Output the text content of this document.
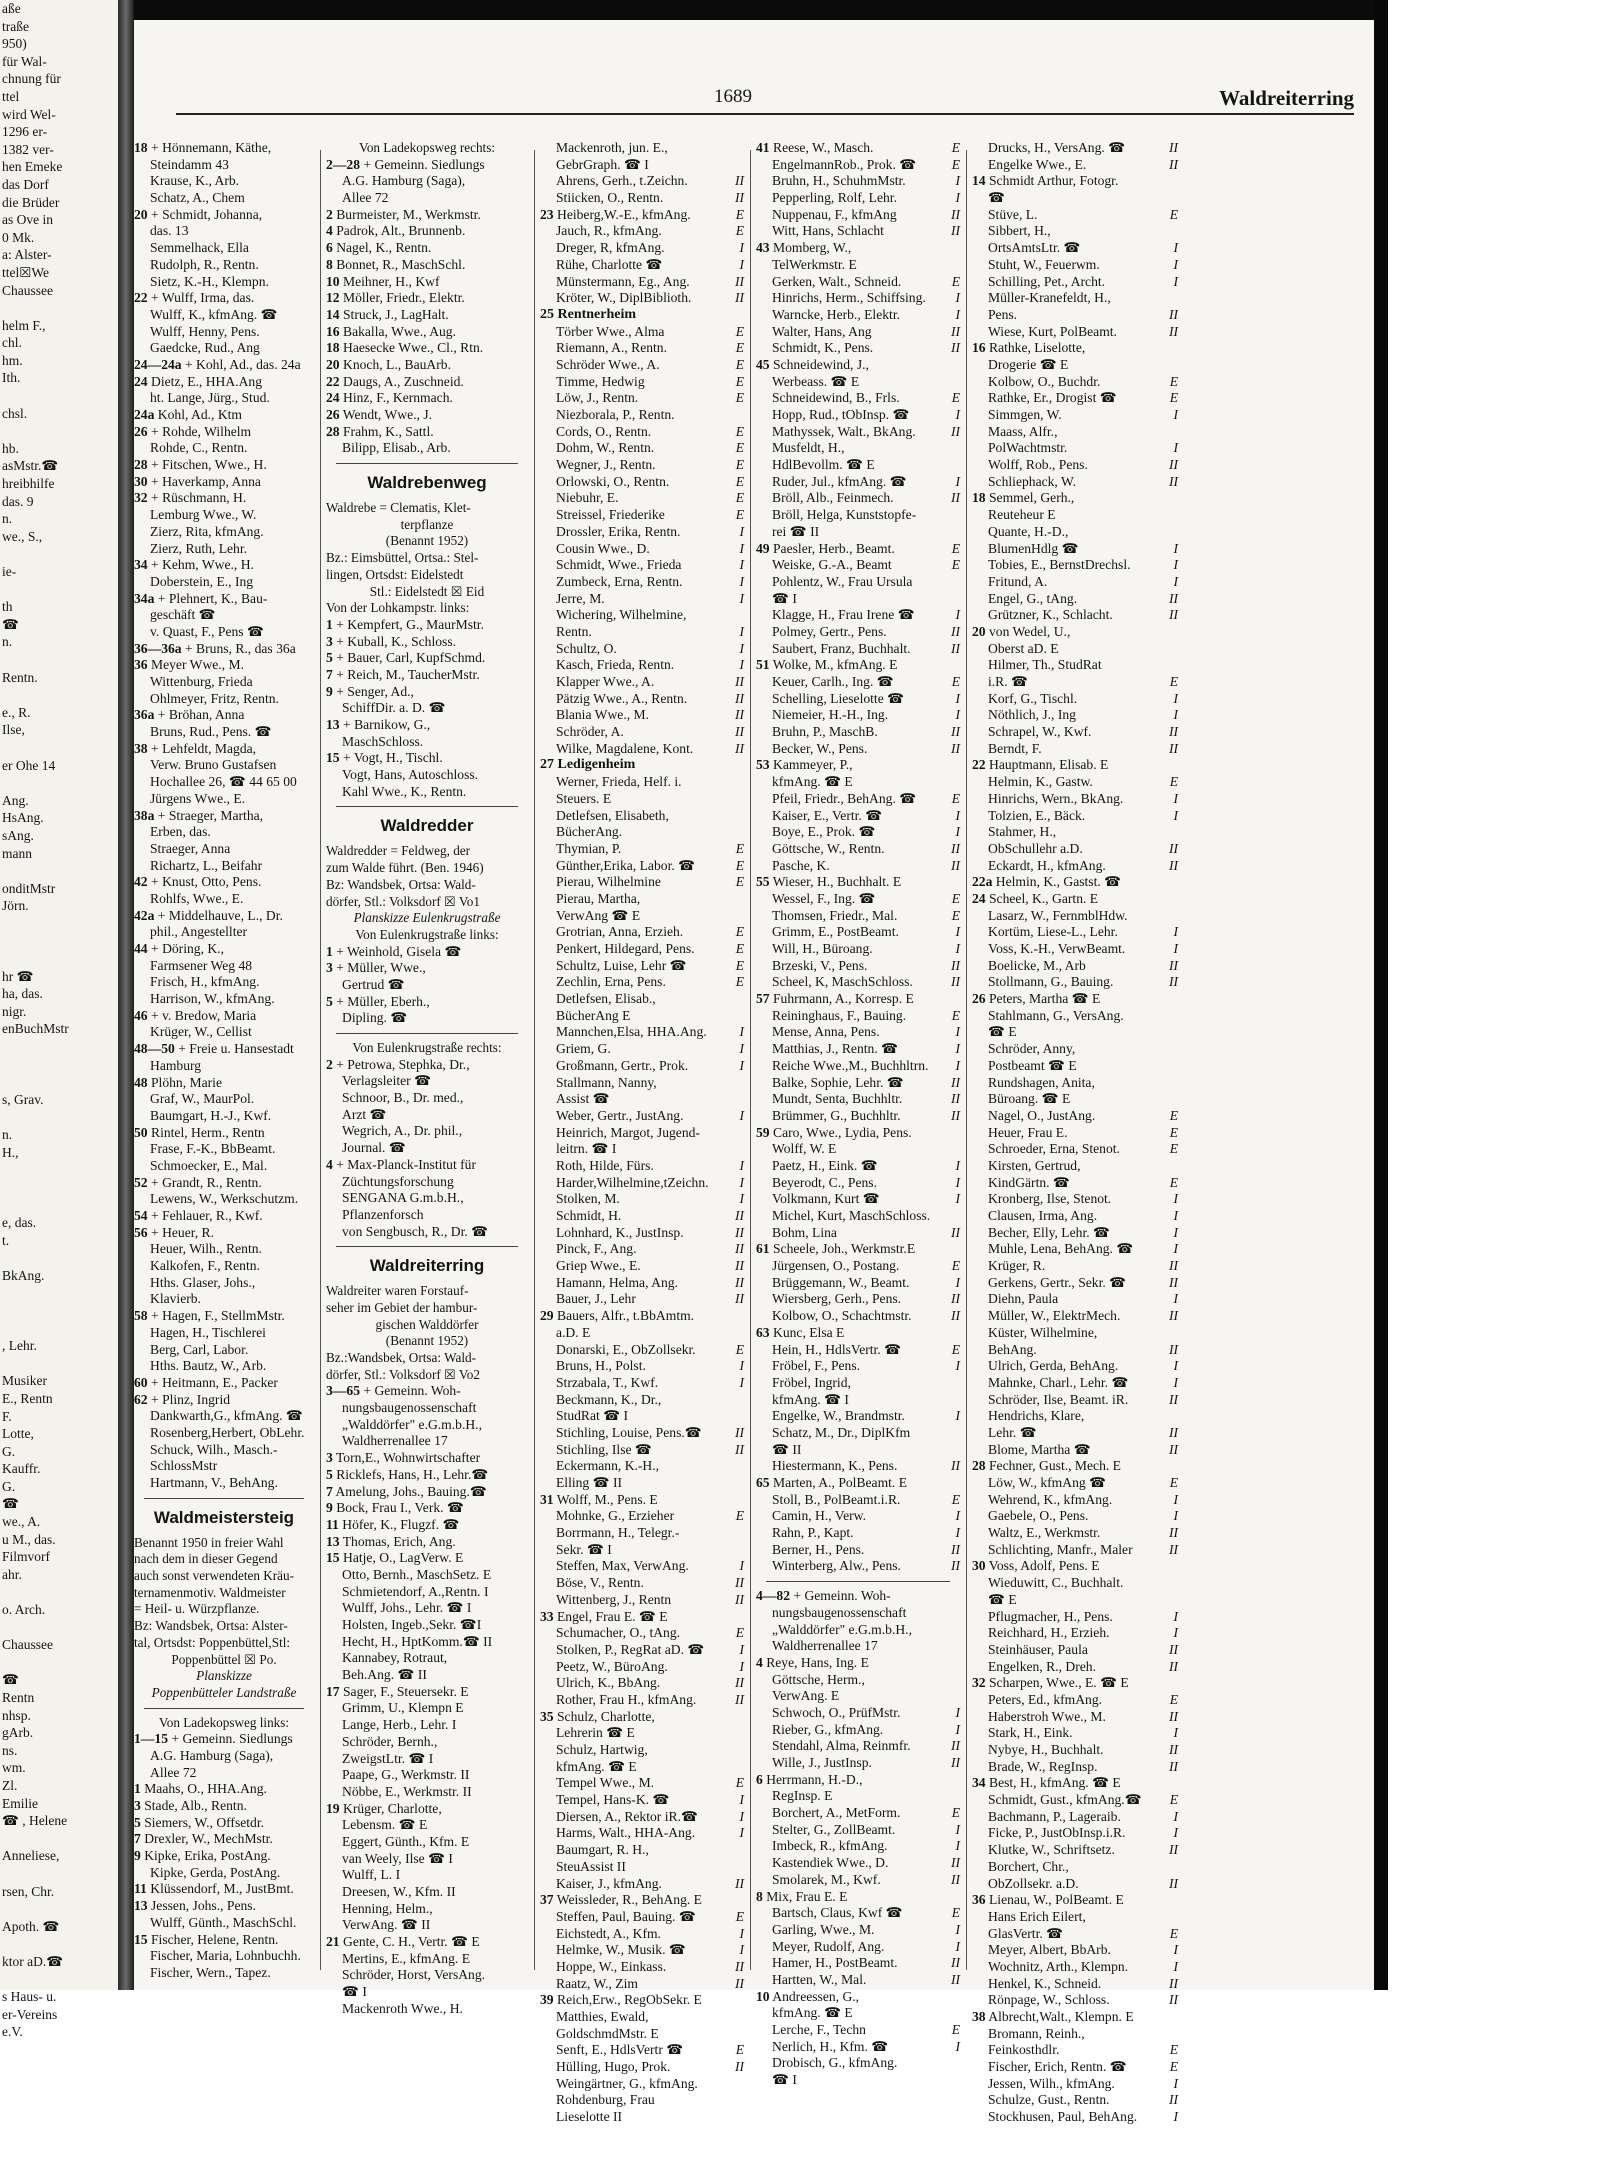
aße
traße
950)
für Wal-
chnung für
ttel
wird Wel-
1296 er-
1382 ver-
hen Emeke
das Dorf
die Brüder
as Ove in
0 Mk.
a: Alster-
ttel☒We
Chaussee
helm F.,
chl.
hm.
Ith.
chsl.
hb.
asMstr.☎
hreibhilfe
das. 9
n.
we., S.,
ie-
th
☎
n.
Rentn.
e., R.
Ilse,
er Ohe 14
Ang.
HsAng.
sAng.
mann
onditMstr
Jörn.
hr ☎
ha, das.
nigr.
enBuchMstr
s, Grav.
n.
H.,
e, das.
t.
BkAng.
, Lehr.
Musiker
E., Rentn
F.
Lotte,
G.
Kauffr.
G.
☎
we., A.
u M., das.
Filmvorf
ahr.
o. Arch.
Chaussee
☎
Rentn
nhsp.
gArb.
ns.
wm.
Zl.
Emilie
☎ , Helene
Anneliese,
rsen, Chr.
Apoth. ☎
ktor aD.☎
s Haus- u.
er-Vereins
e.V.
1689	Waldreiterring
18 + Hönnemann, Käthe,
Steindamm 43
Krause, K., Arb.
Schatz, A., Chem
20 + Schmidt, Johanna,
das. 13
Semmelhack, Ella
Rudolph, R., Rentn.
Sietz, K.-H., Klempn.
22 + Wulff, Irma, das.
Wulff, K., kfmAng. ☎
Wulff, Henny, Pens.
Gaedcke, Rud., Ang
24—24a + Kohl, Ad., das. 24a
24 Dietz, E., HHA.Ang
ht. Lange, Jürg., Stud.
24a Kohl, Ad., Ktm
26 + Rohde, Wilhelm
Rohde, C., Rentn.
28 + Fitschen, Wwe., H.
30 + Haverkamp, Anna
32 + Rüschmann, H.
Lemburg Wwe., W.
Zierz, Rita, kfmAng.
Zierz, Ruth, Lehr.
34 + Kehm, Wwe., H.
Doberstein, E., Ing
34a + Plehnert, K., Bau-
geschäft ☎
v. Quast, F., Pens ☎
36—36a + Bruns, R., das 36a
36 Meyer Wwe., M.
Wittenburg, Frieda
Ohlmeyer, Fritz, Rentn.
36a + Bröhan, Anna
Bruns, Rud., Pens. ☎
38 + Lehfeldt, Magda,
Verw. Bruno Gustafsen
Hochallee 26, ☎ 44 65 00
Jürgens Wwe., E.
38a + Straeger, Martha,
Erben, das.
Straeger, Anna
Richartz, L., Beifahr
42 + Knust, Otto, Pens.
Rohlfs, Wwe., E.
42a + Middelhauve, L., Dr.
phil., Angestellter
44 + Döring, K.,
Farmsener Weg 48
Frisch, H., kfmAng.
Harrison, W., kfmAng.
46 + v. Bredow, Maria
Krüger, W., Cellist
48—50 + Freie u. Hansestadt
Hamburg
48 Plöhn, Marie
Graf, W., MaurPol.
Baumgart, H.-J., Kwf.
50 Rintel, Herm., Rentn
Frase, F.-K., BbBeamt.
Schmoecker, E., Mal.
52 + Grandt, R., Rentn.
Lewens, W., Werkschutzm.
54 + Fehlauer, R., Kwf.
56 + Heuer, R.
Heuer, Wilh., Rentn.
Kalkofen, F., Rentn.
Hths. Glaser, Johs.,
Klavierb.
58 + Hagen, F., StellmMstr.
Hagen, H., Tischlerei
Berg, Carl, Labor.
Hths. Bautz, W., Arb.
60 + Heitmann, E., Packer
62 + Plinz, Ingrid
Dankwarth,G., kfmAng. ☎
Rosenberg,Herbert, ObLehr.
Schuck, Wilh., Masch.-
SchlossMstr
Hartmann, V., BehAng.
Waldmeistersteig
Benannt 1950 in freier Wahl
nach dem in dieser Gegend
auch sonst verwendeten Kräu-
ternamenmotiv. Waldmeister
= Heil- u. Würzpflanze.
Bz: Wandsbek, Ortsa: Alster-
tal, Ortsdst: Poppenbüttel,Stl:
Poppenbüttel ☒ Po.
Planskizze
Poppenbütteler Landstraße
Von Ladekopsweg links:
1—15 + Gemeinn. Siedlungs
A.G. Hamburg (Saga),
Allee 72
1 Maahs, O., HHA.Ang.
3 Stade, Alb., Rentn.
5 Siemers, W., Offsetdr.
7 Drexler, W., MechMstr.
9 Kipke, Erika, PostAng.
Kipke, Gerda, PostAng.
11 Klüssendorf, M., JustBmt.
13 Jessen, Johs., Pens.
Wulff, Günth., MaschSchl.
15 Fischer, Helene, Rentn.
Fischer, Maria, Lohnbuchh.
Fischer, Wern., Tapez.
Von Ladekopsweg rechts:
2—28 + Gemeinn. Siedlungs
A.G. Hamburg (Saga),
Allee 72
2 Burmeister, M., Werkmstr.
4 Padrok, Alt., Brunnenb.
6 Nagel, K., Rentn.
8 Bonnet, R., MaschSchl.
10 Meihner, H., Kwf
12 Möller, Friedr., Elektr.
14 Struck, J., LagHalt.
16 Bakalla, Wwe., Aug.
18 Haesecke Wwe., Cl., Rtn.
20 Knoch, L., BauArb.
22 Daugs, A., Zuschneid.
24 Hinz, F., Kernmach.
26 Wendt, Wwe., J.
28 Frahm, K., Sattl.
Bilipp, Elisab., Arb.
Waldrebenweg
Waldrebe = Clematis, Klet-
terpflanze
(Benannt 1952)
Bz.: Eimsbüttel, Ortsa.: Stel-
lingen, Ortsdst: Eidelstedt
Stl.: Eidelstedt ☒ Eid
Von der Lohkampstr. links:
1 + Kempfert, G., MaurMstr.
3 + Kuball, K., Schloss.
5 + Bauer, Carl, KupfSchmd.
7 + Reich, M., TaucherMstr.
9 + Senger, Ad.,
SchiffDir. a. D. ☎
13 + Barnikow, G.,
MaschSchloss.
15 + Vogt, H., Tischl.
Vogt, Hans, Autoschloss.
Kahl Wwe., K., Rentn.
Waldredder
Waldredder = Feldweg, der
zum Walde führt. (Ben. 1946)
Bz: Wandsbek, Ortsa: Wald-
dörfer, Stl.: Volksdorf ☒ Vo1
Planskizze Eulenkrugstraße
Von Eulenkrugstraße links:
1 + Weinhold, Gisela ☎
3 + Müller, Wwe.,
Gertrud ☎
5 + Müller, Eberh.,
Dipling. ☎
Von Eulenkrugstraße rechts:
2 + Petrowa, Stephka, Dr.,
Verlagsleiter ☎
Schnoor, B., Dr. med.,
Arzt ☎
Wegrich, A., Dr. phil.,
Journal. ☎
4 + Max-Planck-Institut für
Züchtungsforschung
SENGANA G.m.b.H.,
Pflanzenforsch
von Sengbusch, R., Dr. ☎
Waldreiterring
Waldreiter waren Forstauf-
seher im Gebiet der hambur-
gischen Walddörfer
(Benannt 1952)
Bz.:Wandsbek, Ortsa: Wald-
dörfer, Stl.: Volksdorf ☒ Vo2
3—65 + Gemeinn. Woh-
nungsbaugenossenschaft
„Walddörfer" e.G.m.b.H.,
Waldherrenallee 17
3 Torn,E., Wohnwirtschafter
5 Ricklefs, Hans, H., Lehr.☎
7 Amelung, Johs., Bauing.☎
9 Bock, Frau I., Verk. ☎
11 Höfer, K., Flugzf. ☎
13 Thomas, Erich, Ang.
15 Hatje, O., LagVerw. E
Otto, Bernh., MaschSetz. E
Schmietendorf, A.,Rentn. I
Wulff, Johs., Lehr. ☎ I
Holsten, Ingeb.,Sekr. ☎I
Hecht, H., HptKomm.☎ II
Kannabey, Rotraut,
Beh.Ang. ☎ II
17 Sager, F., Steuersekr. E
Grimm, U., Klempn E
Lange, Herb., Lehr. I
Schröder, Bernh.,
ZweigstLtr. ☎ I
Paape, G., Werkmstr. II
Nöbbe, E., Werkmstr. II
19 Krüger, Charlotte,
Lebensm. ☎ E
Eggert, Günth., Kfm. E
van Weely, Ilse ☎ I
Wulff, L. I
Dreesen, W., Kfm. II
Henning, Helm.,
VerwAng. ☎ II
21 Gente, C. H., Vertr. ☎ E
Mertins, E., kfmAng. E
Schröder, Horst, VersAng.
☎ I
Mackenroth Wwe., H.
Mackenroth, jun. E.,
GebrGraph. ☎ I
Ahrens, Gerh., t.Zeichn.	II
Stiicken, O., Rentn.	II
23 Heiberg,W.-E., kfmAng.	E
Jauch, R., kfmAng.	E
Dreger, R, kfmAng.	I
Rühe, Charlotte ☎	I
Münstermann, Eg., Ang.	II
Kröter, W., DiplBiblioth.	II
25 Rentnerheim
Törber Wwe., Alma	E
Riemann, A., Rentn.	E
Schröder Wwe., A.	E
Timme, Hedwig	E
Löw, J., Rentn.	E
Niezborala, P., Rentn.
Cords, O., Rentn.	E
Dohm, W., Rentn.	E
Wegner, J., Rentn.	E
Orlowski, O., Rentn.	E
Niebuhr, E.	E
Streissel, Friederike	E
Drossler, Erika, Rentn.	I
Cousin Wwe., D.	I
Schmidt, Wwe., Frieda	I
Zumbeck, Erna, Rentn.	I
Jerre, M.	I
Wichering, Wilhelmine,
Rentn.	I
Schultz, O.	I
Kasch, Frieda, Rentn.	I
Klapper Wwe., A.	II
Pätzig Wwe., A., Rentn.	II
Blania Wwe., M.	II
Schröder, A.	II
Wilke, Magdalene, Kont.	II
27 Ledigenheim
Werner, Frieda, Helf. i.
Steuers. E
Detlefsen, Elisabeth,
BücherAng.
Thymian, P.	E
Günther,Erika, Labor. ☎	E
Pierau, Wilhelmine	E
Pierau, Martha,
VerwAng ☎ E
Grotrian, Anna, Erzieh.	E
Penkert, Hildegard, Pens.	E
Schultz, Luise, Lehr ☎	E
Zechlin, Erna, Pens.	E
Detlefsen, Elisab.,
BücherAng E
Mannchen,Elsa, HHA.Ang.	I
Griem, G.	I
Großmann, Gertr., Prok.	I
Stallmann, Nanny,
Assist ☎
Weber, Gertr., JustAng.	I
Heinrich, Margot, Jugend-
leitrn. ☎ I
Roth, Hilde, Fürs.	I
Harder,Wilhelmine,tZeichn.	I
Stolken, M.	I
Schmidt, H.	II
Lohnhard, K., JustInsp.	II
Pinck, F., Ang.	II
Griep Wwe., E.	II
Hamann, Helma, Ang.	II
Bauer, J., Lehr	II
29 Bauers, Alfr., t.BbAmtm.
a.D. E
Donarski, E., ObZollsekr.	E
Bruns, H., Polst.	I
Strzabala, T., Kwf.	I
Beckmann, K., Dr.,
StudRat ☎ I
Stichling, Louise, Pens.☎	II
Stichling, Ilse ☎	II
Eckermann, K.-H.,
Elling ☎ II
31 Wolff, M., Pens. E
Mohnke, G., Erzieher	E
Borrmann, H., Telegr.-
Sekr. ☎ I
Steffen, Max, VerwAng.	I
Böse, V., Rentn.	II
Wittenberg, J., Rentn	II
33 Engel, Frau E. ☎ E
Schumacher, O., tAng.	E
Stolken, P., RegRat aD. ☎	I
Peetz, W., BüroAng.	I
Ulrich, K., BbAng.	II
Rother, Frau H., kfmAng.	II
35 Schulz, Charlotte,
Lehrerin ☎ E
Schulz, Hartwig,
kfmAng. ☎ E
Tempel Wwe., M.	E
Tempel, Hans-K. ☎	I
Diersen, A., Rektor iR.☎	I
Harms, Walt., HHA-Ang.	I
Baumgart, R. H.,
SteuAssist II
Kaiser, J., kfmAng.	II
37 Weissleder, R., BehAng. E
Steffen, Paul, Bauing. ☎	E
Eichstedt, A., Kfm.	I
Helmke, W., Musik. ☎	I
Hoppe, W., Einkass.	II
Raatz, W., Zim	II
39 Reich,Erw., RegObSekr. E
Matthies, Ewald,
GoldschmdMstr. E
Senft, E., HdlsVertr ☎	E
Hülling, Hugo, Prok.	II
Weingärtner, G., kfmAng.
Rohdenburg, Frau
Lieselotte II
41 Reese, W., Masch.	E
EngelmannRob., Prok. ☎	E
Bruhn, H., SchuhmMstr.	I
Pepperling, Rolf, Lehr.	I
Nuppenau, F., kfmAng	II
Witt, Hans, Schlacht	II
43 Momberg, W.,
TelWerkmstr. E
Gerken, Walt., Schneid.	E
Hinrichs, Herm., Schiffsing.	I
Warncke, Herb., Elektr.	I
Walter, Hans, Ang	II
Schmidt, K., Pens.	II
45 Schneidewind, J.,
Werbeass. ☎ E
Schneidewind, B., Frls.	E
Hopp, Rud., tObInsp. ☎	I
Mathyssek, Walt., BkAng.	II
Musfeldt, H.,
HdlBevollm. ☎ E
Ruder, Jul., kfmAng. ☎	I
Bröll, Alb., Feinmech.	II
Bröll, Helga, Kunststopfe-
rei ☎ II
49 Paesler, Herb., Beamt.	E
Weiske, G.-A., Beamt	E
Pohlentz, W., Frau Ursula
☎ I
Klagge, H., Frau Irene ☎	I
Polmey, Gertr., Pens.	II
Saubert, Franz, Buchhalt.	II
51 Wolke, M., kfmAng. E
Keuer, Carlh., Ing. ☎	E
Schelling, Lieselotte ☎	I
Niemeier, H.-H., Ing.	I
Bruhn, P., MaschB.	II
Becker, W., Pens.	II
53 Kammeyer, P.,
kfmAng. ☎ E
Pfeil, Friedr., BehAng. ☎	E
Kaiser, E., Vertr. ☎	I
Boye, E., Prok. ☎	I
Göttsche, W., Rentn.	II
Pasche, K.	II
55 Wieser, H., Buchhalt. E
Wessel, F., Ing. ☎	E
Thomsen, Friedr., Mal.	E
Grimm, E., PostBeamt.	I
Will, H., Büroang.	I
Brzeski, V., Pens.	II
Scheel, K, MaschSchloss.	II
57 Fuhrmann, A., Korresp. E
Reininghaus, F., Bauing.	E
Mense, Anna, Pens.	I
Matthias, J., Rentn. ☎	I
Reiche Wwe.,M., Buchhltrn.	I
Balke, Sophie, Lehr. ☎	II
Mundt, Senta, Buchhltr.	II
Brümmer, G., Buchhltr.	II
59 Caro, Wwe., Lydia, Pens.
Wolff, W. E
Paetz, H., Eink. ☎	I
Beyerodt, C., Pens.	I
Volkmann, Kurt ☎	I
Michel, Kurt, MaschSchloss.
Bohm, Lina	II
61 Scheele, Joh., Werkmstr.E
Jürgensen, O., Postang.	E
Brüggemann, W., Beamt.	I
Wiersberg, Gerh., Pens.	II
Kolbow, O., Schachtmstr.	II
63 Kunc, Elsa E
Hein, H., HdlsVertr. ☎	E
Fröbel, F., Pens.	I
Fröbel, Ingrid,
kfmAng. ☎ I
Engelke, W., Brandmstr.	I
Schatz, M., Dr., DiplKfm
☎ II
Hiestermann, K., Pens.	II
65 Marten, A., PolBeamt. E
Stoll, B., PolBeamt.i.R.	E
Camin, H., Verw.	I
Rahn, P., Kapt.	I
Berner, H., Pens.	II
Winterberg, Alw., Pens.	II
4—82 + Gemeinn. Woh-
nungsbaugenossenschaft
„Walddörfer" e.G.m.b.H.,
Waldherrenallee 17
4 Reye, Hans, Ing. E
Göttsche, Herm.,
VerwAng. E
Schwoch, O., PrüfMstr.	I
Rieber, G., kfmAng.	I
Stendahl, Alma, Reinmfr.	II
Wille, J., JustInsp.	II
6 Herrmann, H.-D.,
RegInsp. E
Borchert, A., MetForm.	E
Stelter, G., ZollBeamt.	I
Imbeck, R., kfmAng.	I
Kastendiek Wwe., D.	II
Smolarek, M., Kwf.	II
8 Mix, Frau E. E
Bartsch, Claus, Kwf ☎	E
Garling, Wwe., M.	I
Meyer, Rudolf, Ang.	I
Hamer, H., PostBeamt.	II
Hartten, W., Mal.	II
10 Andreessen, G.,
kfmAng. ☎ E
Lerche, F., Techn	E
Nerlich, H., Kfm. ☎	I
Drobisch, G., kfmAng.
☎ I
Drucks, H., VersAng. ☎	II
Engelke Wwe., E.	II
14 Schmidt Arthur, Fotogr.
☎
Stüve, L.	E
Sibbert, H.,
OrtsAmtsLtr. ☎	I
Stuht, W., Feuerwm.	I
Schilling, Pet., Archt.	I
Müller-Kranefeldt, H.,
Pens.	II
Wiese, Kurt, PolBeamt.	II
16 Rathke, Liselotte,
Drogerie ☎ E
Kolbow, O., Buchdr.	E
Rathke, Er., Drogist ☎	E
Simmgen, W.	I
Maass, Alfr.,
PolWachtmstr.	I
Wolff, Rob., Pens.	II
Schliephack, W.	II
18 Semmel, Gerh.,
Reuteheur E
Quante, H.-D.,
BlumenHdlg ☎	I
Tobies, E., BernstDrechsl.	I
Fritund, A.	I
Engel, G., tAng.	II
Grützner, K., Schlacht.	II
20 von Wedel, U.,
Oberst aD. E
Hilmer, Th., StudRat
i.R. ☎	E
Korf, G., Tischl.	I
Nöthlich, J., Ing	I
Schrapel, W., Kwf.	II
Berndt, F.	II
22 Hauptmann, Elisab. E
Helmin, K., Gastw.	E
Hinrichs, Wern., BkAng.	I
Tolzien, E., Bäck.	I
Stahmer, H.,
ObSchullehr a.D.	II
Eckardt, H., kfmAng.	II
22a Helmin, K., Gastst. ☎
24 Scheel, K., Gartn. E
Lasarz, W., FernmblHdw.
Kortüm, Liese-L., Lehr.	I
Voss, K.-H., VerwBeamt.	I
Boelicke, M., Arb	II
Stollmann, G., Bauing.	II
26 Peters, Martha ☎ E
Stahlmann, G., VersAng.
☎ E
Schröder, Anny,
Postbeamt ☎ E
Rundshagen, Anita,
Büroang. ☎ E
Nagel, O., JustAng.	E
Heuer, Frau E.	E
Schroeder, Erna, Stenot.	E
Kirsten, Gertrud,
KindGärtn. ☎	E
Kronberg, Ilse, Stenot.	I
Clausen, Irma, Ang.	I
Becher, Elly, Lehr. ☎	I
Muhle, Lena, BehAng. ☎	I
Krüger, R.	II
Gerkens, Gertr., Sekr. ☎	II
Diehn, Paula	I
Müller, W., ElektrMech.	II
Küster, Wilhelmine,
BehAng.	II
Ulrich, Gerda, BehAng.	I
Mahnke, Charl., Lehr. ☎	I
Schröder, Ilse, Beamt. iR.	II
Hendrichs, Klare,
Lehr. ☎	II
Blome, Martha ☎	II
28 Fechner, Gust., Mech. E
Löw, W., kfmAng ☎	E
Wehrend, K., kfmAng.	I
Gaebele, O., Pens.	I
Waltz, E., Werkmstr.	II
Schlichting, Manfr., Maler	II
30 Voss, Adolf, Pens. E
Wieduwitt, C., Buchhalt.
☎ E
Pflugmacher, H., Pens.	I
Reichhard, H., Erzieh.	I
Steinhäuser, Paula	II
Engelken, R., Dreh.	II
32 Scharpen, Wwe., E. ☎ E
Peters, Ed., kfmAng.	E
Haberstroh Wwe., M.	II
Stark, H., Eink.	I
Nybye, H., Buchhalt.	II
Brade, W., RegInsp.	II
34 Best, H., kfmAng. ☎ E
Schmidt, Gust., kfmAng.☎	E
Bachmann, P., Lageraib.	I
Ficke, P., JustObInsp.i.R.	I
Klutke, W., Schriftsetz.	II
Borchert, Chr.,
ObZollsekr. a.D.	II
36 Lienau, W., PolBeamt. E
Hans Erich Eilert,
GlasVertr. ☎	E
Meyer, Albert, BbArb.	I
Wochnitz, Arth., Klempn.	I
Henkel, K., Schneid.	II
Rönpage, W., Schloss.	II
38 Albrecht,Walt., Klempn. E
Bromann, Reinh.,
Feinkosthdlr.	E
Fischer, Erich, Rentn. ☎	E
Jessen, Wilh., kfmAng.	I
Schulze, Gust., Rentn.	II
Stockhusen, Paul, BehAng.	I
